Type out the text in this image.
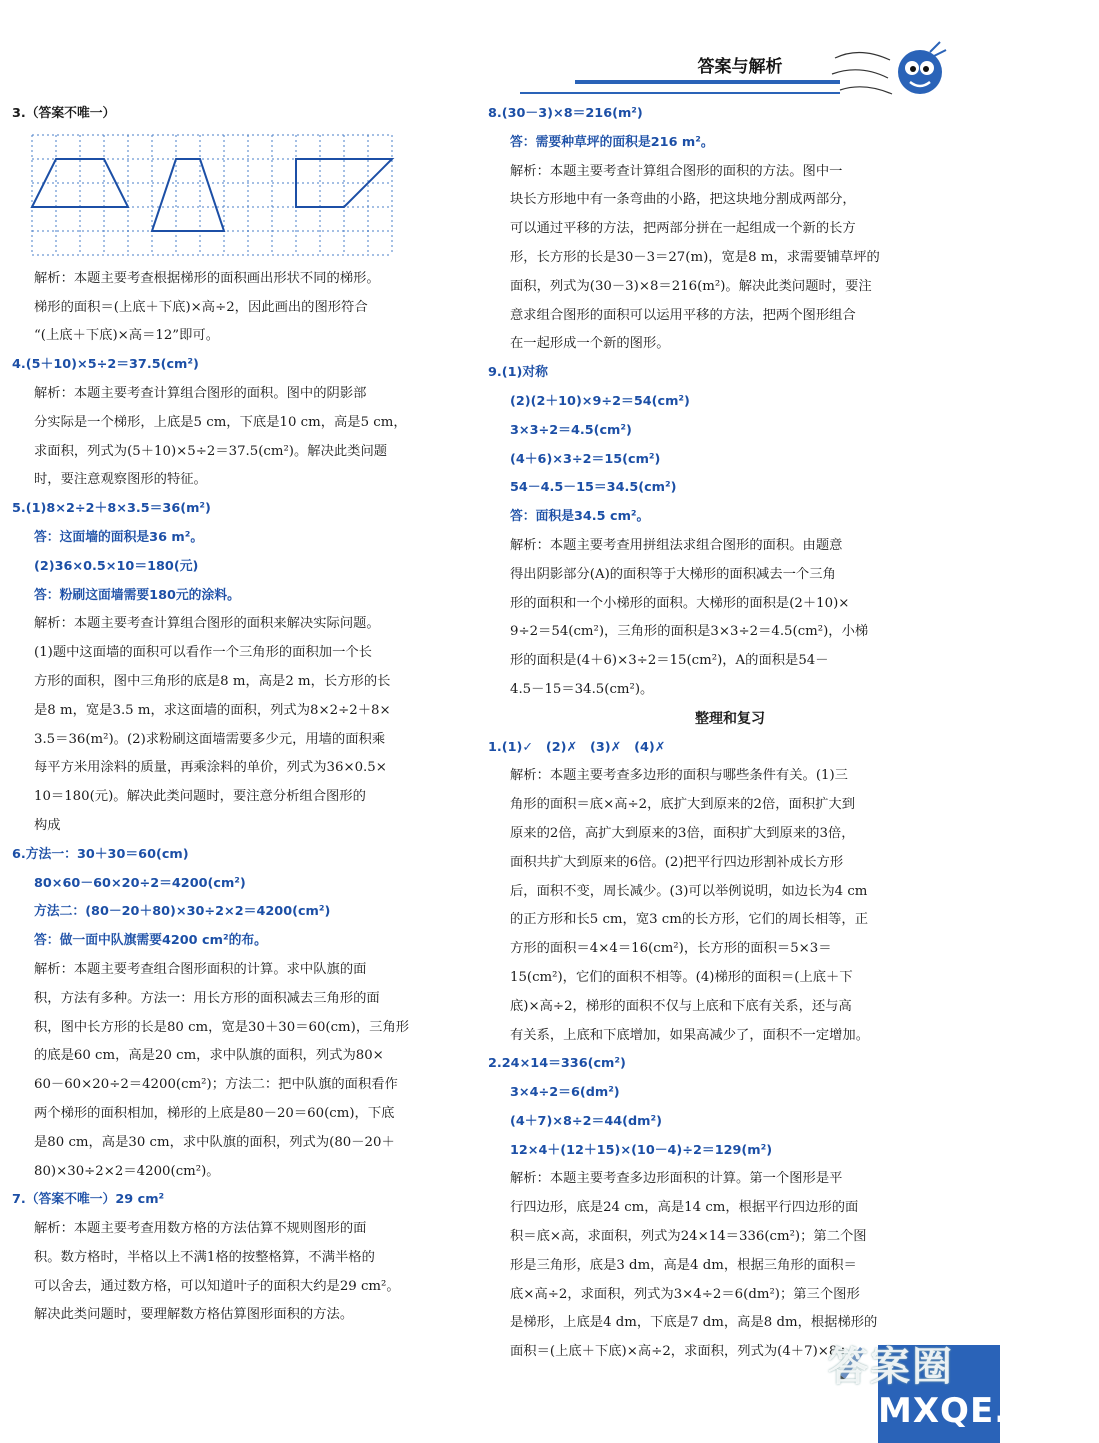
答案与解析
3.（答案不唯一）
解析：本题主要考查根据梯形的面积画出形状不同的梯形。
梯形的面积＝(上底＋下底)×高÷2，因此画出的图形符合
“(上底＋下底)×高＝12”即可。
4.(5＋10)×5÷2＝37.5(cm²)
解析：本题主要考查计算组合图形的面积。图中的阴影部
分实际是一个梯形，上底是5 cm，下底是10 cm，高是5 cm，
求面积，列式为(5＋10)×5÷2＝37.5(cm²)。解决此类问题
时，要注意观察图形的特征。
5.(1)8×2÷2＋8×3.5＝36(m²)
答：这面墙的面积是36 m²。
(2)36×0.5×10＝180(元)
答：粉刷这面墙需要180元的涂料。
解析：本题主要考查计算组合图形的面积来解决实际问题。
(1)题中这面墙的面积可以看作一个三角形的面积加一个长
方形的面积，图中三角形的底是8 m，高是2 m，长方形的长
是8 m，宽是3.5 m，求这面墙的面积，列式为8×2÷2＋8×
3.5＝36(m²)。(2)求粉刷这面墙需要多少元，用墙的面积乘
每平方米用涂料的质量，再乘涂料的单价，列式为36×0.5×
10＝180(元)。解决此类问题时，要注意分析组合图形的
构成
6.方法一：30＋30＝60(cm)
80×60－60×20÷2＝4200(cm²)
方法二：(80－20＋80)×30÷2×2＝4200(cm²)
答：做一面中队旗需要4200 cm²的布。
解析：本题主要考查组合图形面积的计算。求中队旗的面
积，方法有多种。方法一：用长方形的面积减去三角形的面
积，图中长方形的长是80 cm，宽是30＋30＝60(cm)，三角形
的底是60 cm，高是20 cm，求中队旗的面积，列式为80×
60－60×20÷2＝4200(cm²)；方法二：把中队旗的面积看作
两个梯形的面积相加，梯形的上底是80－20＝60(cm)，下底
是80 cm，高是30 cm，求中队旗的面积，列式为(80－20＋
80)×30÷2×2＝4200(cm²)。
7.（答案不唯一）29 cm²
解析：本题主要考查用数方格的方法估算不规则图形的面
积。数方格时，半格以上不满1格的按整格算，不满半格的
可以舍去，通过数方格，可以知道叶子的面积大约是29 cm²。
解决此类问题时，要理解数方格估算图形面积的方法。
8.(30－3)×8＝216(m²)
答：需要种草坪的面积是216 m²。
解析：本题主要考查计算组合图形的面积的方法。图中一
块长方形地中有一条弯曲的小路，把这块地分割成两部分，
可以通过平移的方法，把两部分拼在一起组成一个新的长方
形，长方形的长是30－3＝27(m)，宽是8 m，求需要铺草坪的
面积，列式为(30－3)×8＝216(m²)。解决此类问题时，要注
意求组合图形的面积可以运用平移的方法，把两个图形组合
在一起形成一个新的图形。
9.(1)对称
(2)(2＋10)×9÷2＝54(cm²)
3×3÷2＝4.5(cm²)
(4＋6)×3÷2＝15(cm²)
54－4.5－15＝34.5(cm²)
答：面积是34.5 cm²。
解析：本题主要考查用拼组法求组合图形的面积。由题意
得出阴影部分(A)的面积等于大梯形的面积减去一个三角
形的面积和一个小梯形的面积。大梯形的面积是(2＋10)×
9÷2＝54(cm²)，三角形的面积是3×3÷2＝4.5(cm²)，小梯
形的面积是(4＋6)×3÷2＝15(cm²)，A的面积是54－
4.5－15＝34.5(cm²)。
整理和复习
1.(1)✓　(2)✗　(3)✗　(4)✗
解析：本题主要考查多边形的面积与哪些条件有关。(1)三
角形的面积＝底×高÷2，底扩大到原来的2倍，面积扩大到
原来的2倍，高扩大到原来的3倍，面积扩大到原来的3倍，
面积共扩大到原来的6倍。(2)把平行四边形割补成长方形
后，面积不变，周长减少。(3)可以举例说明，如边长为4 cm
的正方形和长5 cm，宽3 cm的长方形，它们的周长相等，正
方形的面积＝4×4＝16(cm²)，长方形的面积＝5×3＝
15(cm²)，它们的面积不相等。(4)梯形的面积＝(上底＋下
底)×高÷2，梯形的面积不仅与上底和下底有关系，还与高
有关系，上底和下底增加，如果高减少了，面积不一定增加。
2.24×14＝336(cm²)
3×4÷2＝6(dm²)
(4＋7)×8÷2＝44(dm²)
12×4＋(12＋15)×(10－4)÷2＝129(m²)
解析：本题主要考查多边形面积的计算。第一个图形是平
行四边形，底是24 cm，高是14 cm，根据平行四边形的面
积＝底×高，求面积，列式为24×14＝336(cm²)；第二个图
形是三角形，底是3 dm，高是4 dm，根据三角形的面积＝
底×高÷2，求面积，列式为3×4÷2＝6(dm²)；第三个图形
是梯形，上底是4 dm，下底是7 dm，高是8 dm，根据梯形的
面积＝(上底＋下底)×高÷2，求面积，列式为(4＋7)×8÷
答案圈
MXQE.COM
